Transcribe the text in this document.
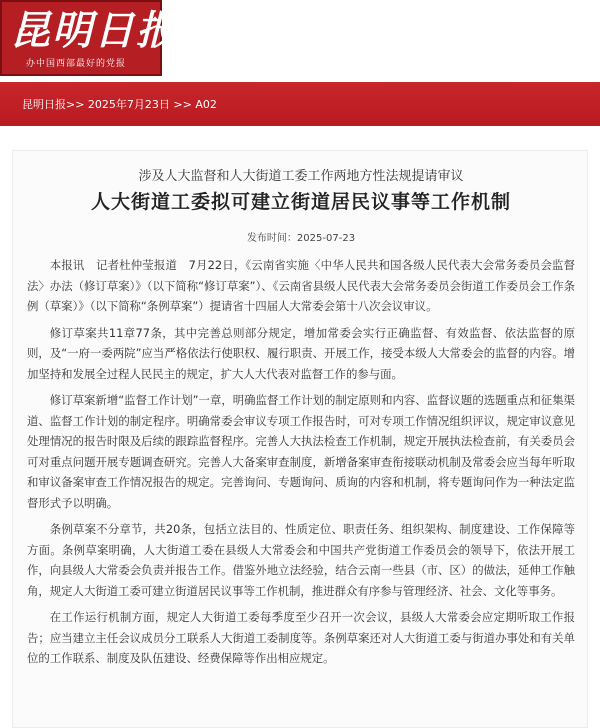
昆明日报
办中国西部最好的党报
昆明日报>> 2025年7月23日 >> A02
涉及人大监督和人大街道工委工作两地方性法规提请审议
人大街道工委拟可建立街道居民议事等工作机制
发布时间：2025-07-23

本报讯　记者杜仲莹报道　7月22日，《云南省实施〈中华人民共和国各级人民代表大会常务委员会监督法〉办法（修订草案）》（以下简称“修订草案”）、《云南省县级人民代表大会常务委员会街道工作委员会工作条例（草案）》（以下简称“条例草案”）提请省十四届人大常委会第十八次会议审议。

修订草案共11章77条，其中完善总则部分规定，增加常委会实行正确监督、有效监督、依法监督的原则，及“一府一委两院”应当严格依法行使职权、履行职责、开展工作，接受本级人大常委会的监督的内容。增加坚持和发展全过程人民民主的规定，扩大人大代表对监督工作的参与面。

修订草案新增“监督工作计划”一章，明确监督工作计划的制定原则和内容、监督议题的选题重点和征集渠道、监督工作计划的制定程序。明确常委会审议专项工作报告时，可对专项工作情况组织评议，规定审议意见处理情况的报告时限及后续的跟踪监督程序。完善人大执法检查工作机制，规定开展执法检查前，有关委员会可对重点问题开展专题调查研究。完善人大备案审查制度，新增备案审查衔接联动机制及常委会应当每年听取和审议备案审查工作情况报告的规定。完善询问、专题询问、质询的内容和机制，将专题询问作为一种法定监督形式予以明确。

条例草案不分章节，共20条，包括立法目的、性质定位、职责任务、组织架构、制度建设、工作保障等方面。条例草案明确，人大街道工委在县级人大常委会和中国共产党街道工作委员会的领导下，依法开展工作，向县级人大常委会负责并报告工作。借鉴外地立法经验，结合云南一些县（市、区）的做法，延伸工作触角，规定人大街道工委可建立街道居民议事等工作机制，推进群众有序参与管理经济、社会、文化等事务。

在工作运行机制方面，规定人大街道工委每季度至少召开一次会议，县级人大常委会应定期听取工作报告；应当建立主任会议成员分工联系人大街道工委制度等。条例草案还对人大街道工委与街道办事处和有关单位的工作联系、制度及队伍建设、经费保障等作出相应规定。
